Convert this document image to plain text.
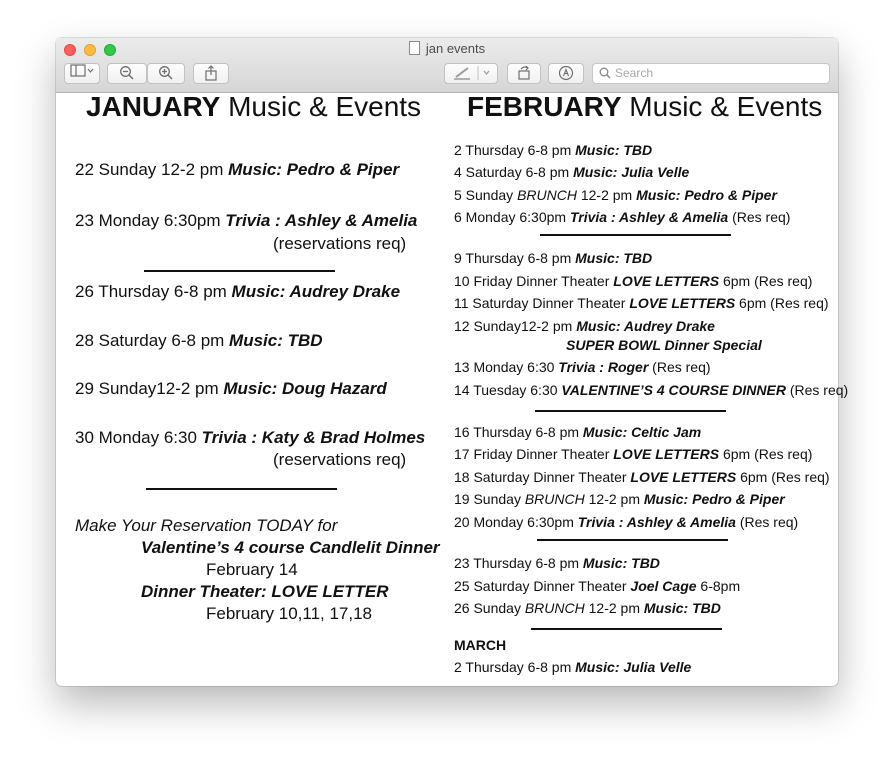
jan events
Search
JANUARY Music & Events
22 Sunday 12-2 pm Music: Pedro & Piper
23 Monday 6:30pm Trivia : Ashley & Amelia
(reservations req)
26 Thursday 6-8 pm Music: Audrey Drake
28 Saturday 6-8 pm Music: TBD
29 Sunday12-2 pm Music: Doug Hazard
30 Monday 6:30 Trivia : Katy & Brad Holmes
(reservations req)
Make Your Reservation TODAY for
Valentine’s 4 course Candlelit Dinner
February 14
Dinner Theater: LOVE LETTER
February 10,11, 17,18
FEBRUARY Music & Events
2 Thursday 6-8 pm Music: TBD
4 Saturday 6-8 pm Music: Julia Velle
5 Sunday BRUNCH 12-2 pm Music: Pedro & Piper
6 Monday 6:30pm Trivia : Ashley & Amelia (Res req)
9 Thursday 6-8 pm Music: TBD
10 Friday Dinner Theater LOVE LETTERS 6pm (Res req)
11 Saturday Dinner Theater LOVE LETTERS 6pm (Res req)
12 Sunday12-2 pm Music: Audrey Drake
SUPER BOWL Dinner Special
13 Monday 6:30 Trivia : Roger (Res req)
14 Tuesday 6:30 VALENTINE’S 4 COURSE DINNER (Res req)
16 Thursday 6-8 pm Music: Celtic Jam
17 Friday Dinner Theater LOVE LETTERS 6pm (Res req)
18 Saturday Dinner Theater LOVE LETTERS 6pm (Res req)
19 Sunday BRUNCH 12-2 pm Music: Pedro & Piper
20 Monday 6:30pm Trivia : Ashley & Amelia (Res req)
23 Thursday 6-8 pm Music: TBD
25 Saturday Dinner Theater Joel Cage 6-8pm
26 Sunday BRUNCH 12-2 pm Music: TBD
MARCH
2 Thursday 6-8 pm Music: Julia Velle
